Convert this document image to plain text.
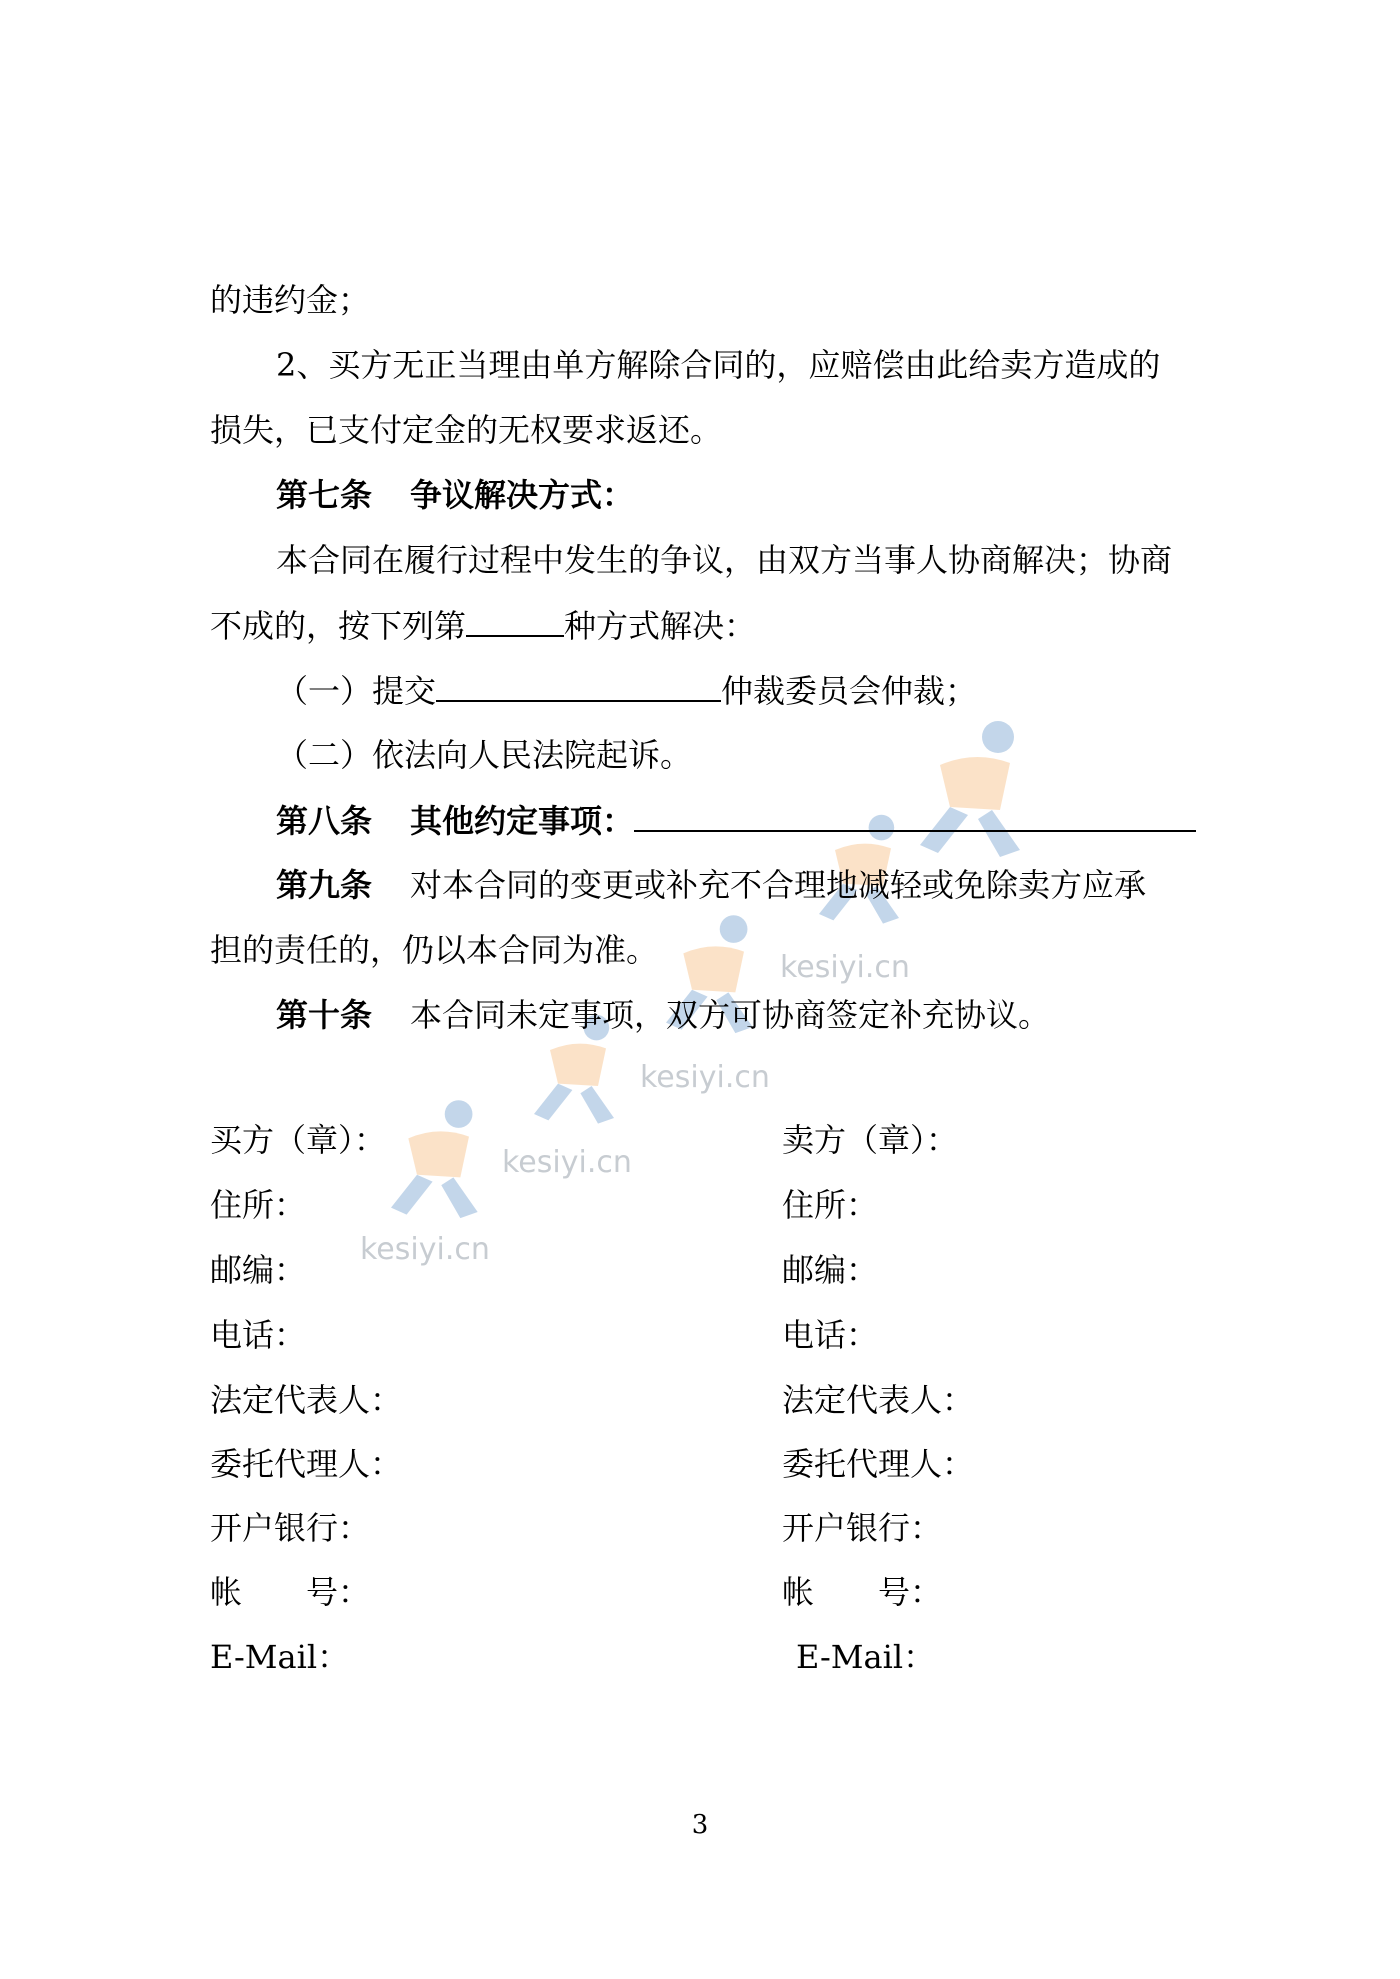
kesiyi.cn
kesiyi.cn
kesiyi.cn
kesiyi.cn
的违约金；
2、买方无正当理由单方解除合同的，应赔偿由此给卖方造成的
损失，已支付定金的无权要求返还。
第七条 争议解决方式：
本合同在履行过程中发生的争议，由双方当事人协商解决；协商
不成的，按下列第	种方式解决：
（一）提交	仲裁委员会仲裁；
（二）依法向人民法院起诉。
第八条 其他约定事项：
第九条 对本合同的变更或补充不合理地减轻或免除卖方应承
担的责任的，仍以本合同为准。
第十条 本合同未定事项，双方可协商签定补充协议。
买方（章）：
住所：
邮编：
电话：
法定代表人：
委托代理人：
开户银行：
帐 号：
E-Mail：
卖方（章）：
住所：
邮编：
电话：
法定代表人：
委托代理人：
开户银行：
帐 号：
E-Mail：
3
